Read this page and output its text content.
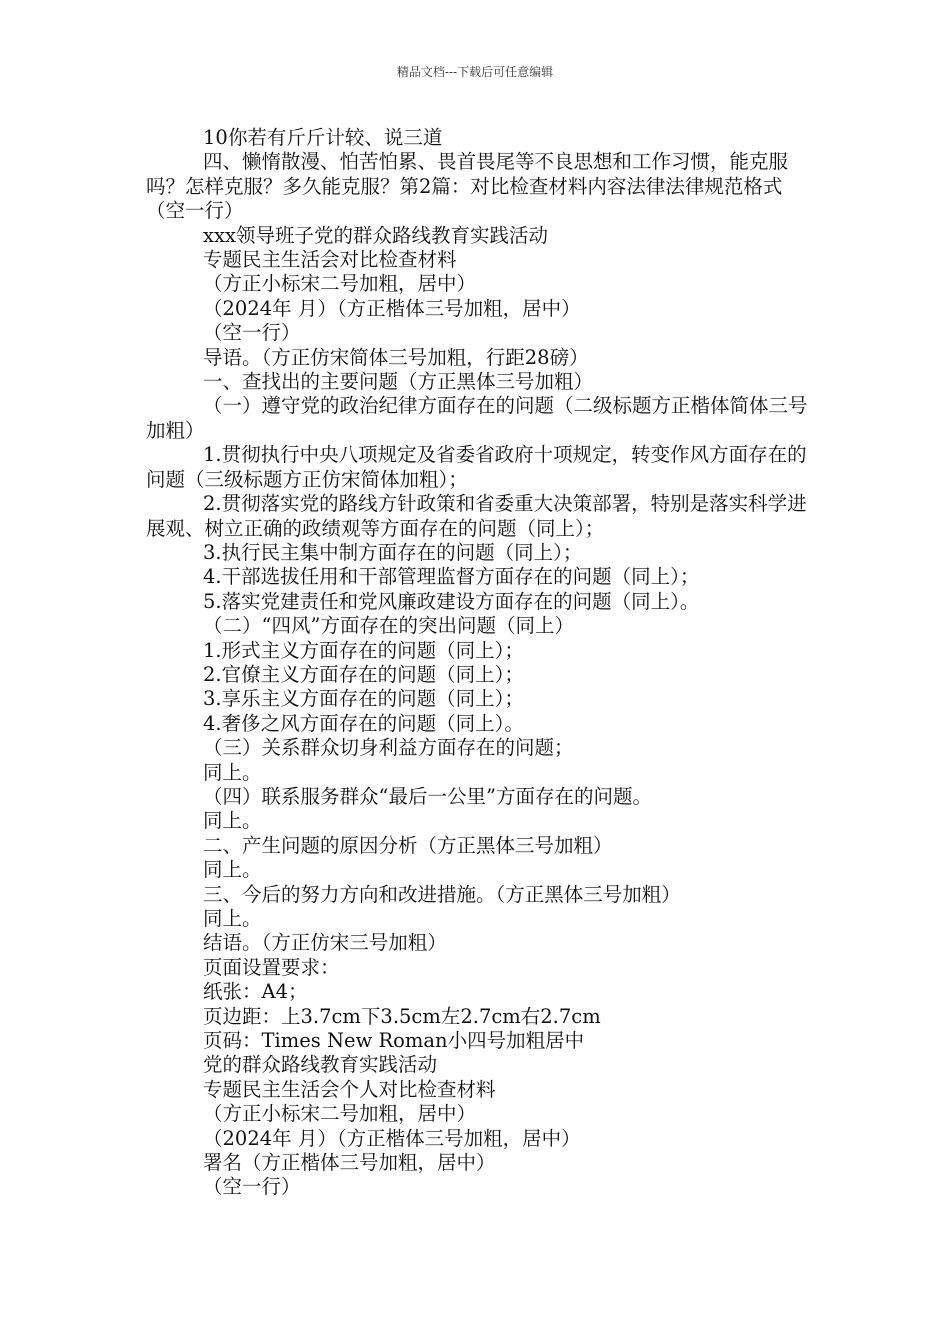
精品文档---下载后可任意编辑

10你若有斤斤计较、说三道

四、懒惰散漫、怕苦怕累、畏首畏尾等不良思想和工作习惯，能克服吗？怎样克服？多久能克服？第2篇：对比检查材料内容法律法律规范格式（空一行）

xxx领导班子党的群众路线教育实践活动

专题民主生活会对比检查材料

（方正小标宋二号加粗，居中）

（2024年 月）（方正楷体三号加粗，居中）

（空一行）

导语。（方正仿宋简体三号加粗，行距28磅）

一、查找出的主要问题（方正黑体三号加粗）

（一）遵守党的政治纪律方面存在的问题（二级标题方正楷体简体三号加粗）

1.贯彻执行中央八项规定及省委省政府十项规定，转变作风方面存在的问题（三级标题方正仿宋简体加粗）；

2.贯彻落实党的路线方针政策和省委重大决策部署，特别是落实科学进展观、树立正确的政绩观等方面存在的问题（同上）；

3.执行民主集中制方面存在的问题（同上）；

4.干部选拔任用和干部管理监督方面存在的问题（同上）；

5.落实党建责任和党风廉政建设方面存在的问题（同上）。

（二）“四风”方面存在的突出问题（同上）

1.形式主义方面存在的问题（同上）；

2.官僚主义方面存在的问题（同上）；

3.享乐主义方面存在的问题（同上）；

4.奢侈之风方面存在的问题（同上）。

（三）关系群众切身利益方面存在的问题；

同上。

（四）联系服务群众“最后一公里”方面存在的问题。

同上。

二、产生问题的原因分析（方正黑体三号加粗）

同上。

三、今后的努力方向和改进措施。（方正黑体三号加粗）

同上。

结语。（方正仿宋三号加粗）

页面设置要求：

纸张：A4；

页边距：上3.7cm下3.5cm左2.7cm右2.7cm

页码：Times New Roman小四号加粗居中

党的群众路线教育实践活动

专题民主生活会个人对比检查材料

（方正小标宋二号加粗，居中）

（2024年 月）（方正楷体三号加粗，居中）

署名（方正楷体三号加粗，居中）

（空一行）
